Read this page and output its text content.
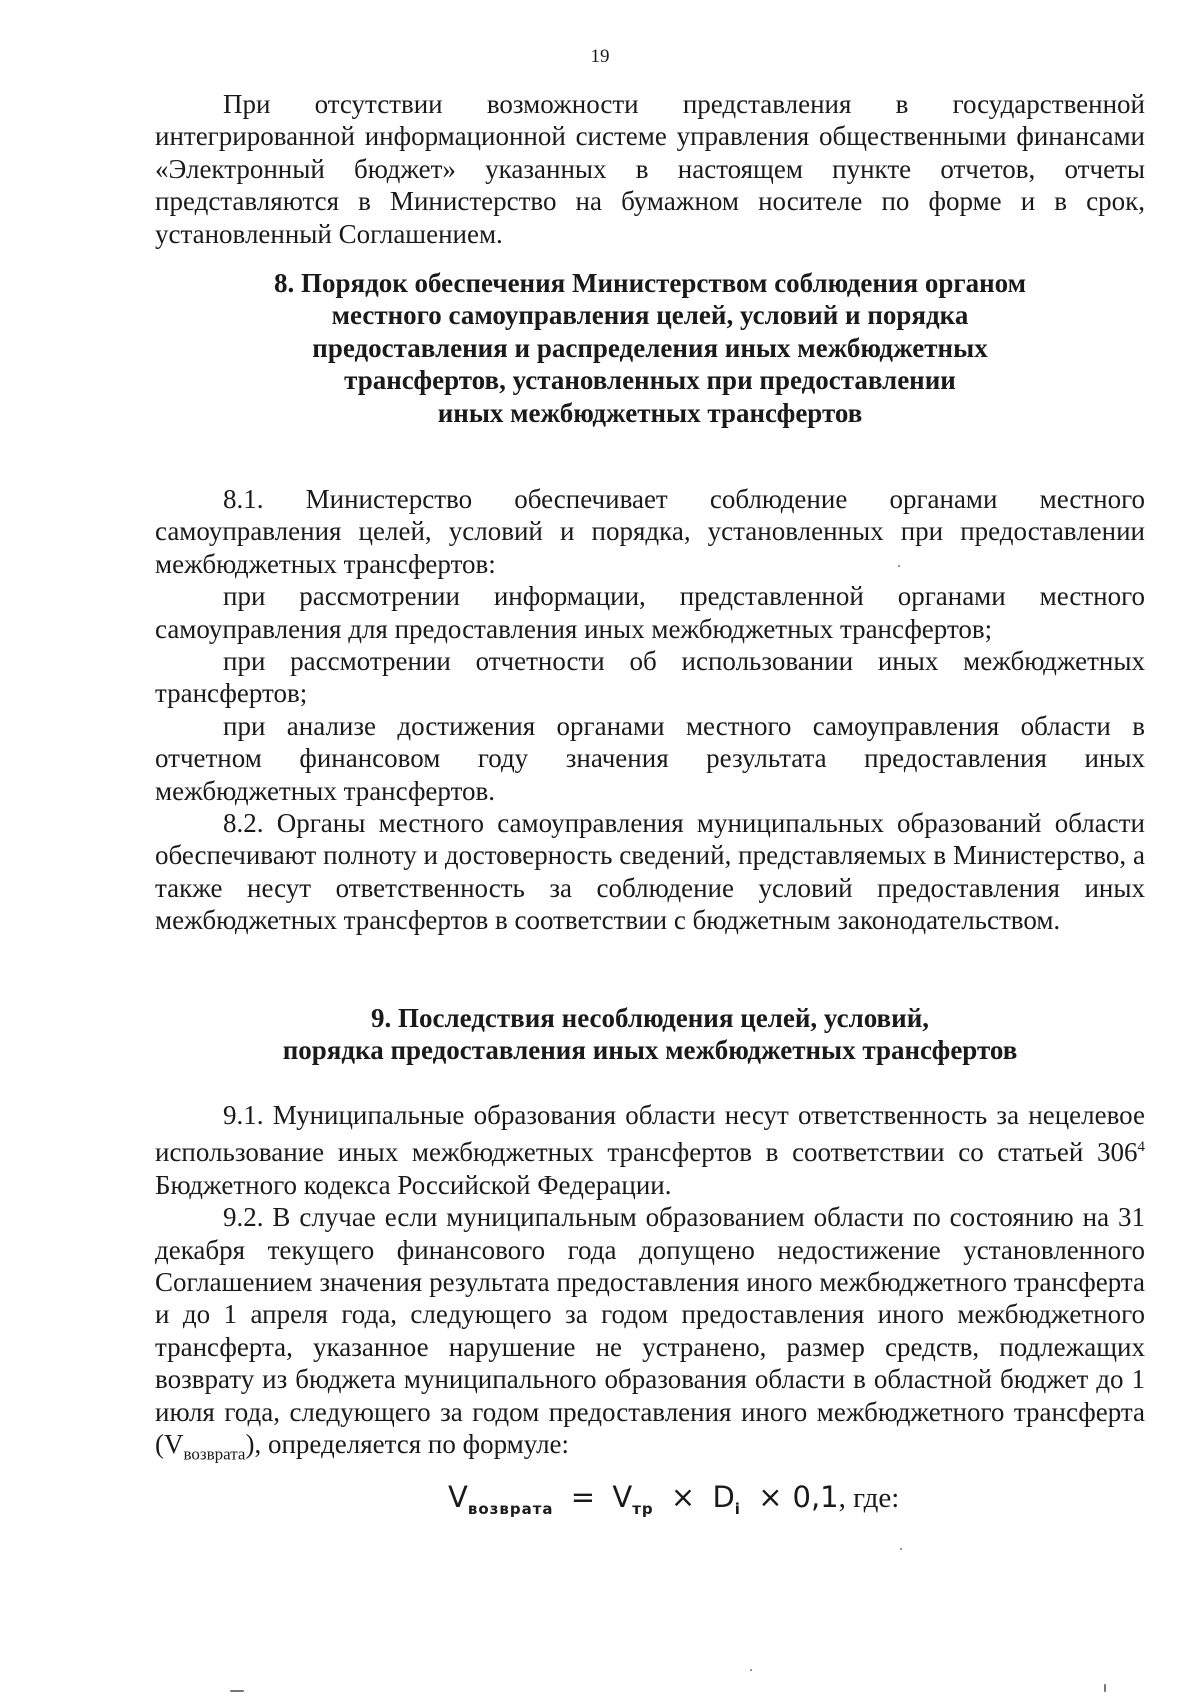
19

При отсутствии возможности представления в государственной интегрированной информационной системе управления общественными финансами «Электронный бюджет» указанных в настоящем пункте отчетов, отчеты представляются в Министерство на бумажном носителе по форме и в срок, установленный Соглашением.

8. Порядок обеспечения Министерством соблюдения органом
местного самоуправления целей, условий и порядка
предоставления и распределения иных межбюджетных
трансфертов, установленных при предоставлении
иных межбюджетных трансфертов

8.1. Министерство обеспечивает соблюдение органами местного самоуправления целей, условий и порядка, установленных при предоставлении межбюджетных трансфертов:

при рассмотрении информации, представленной органами местного самоуправления для предоставления иных межбюджетных трансфертов;

при рассмотрении отчетности об использовании иных межбюджетных трансфертов;

при анализе достижения органами местного самоуправления области в отчетном финансовом году значения результата предоставления иных межбюджетных трансфертов.

8.2. Органы местного самоуправления муниципальных образований области обеспечивают полноту и достоверность сведений, представляемых в Министерство, а также несут ответственность за соблюдение условий предоставления иных межбюджетных трансфертов в соответствии с бюджетным законодательством.

9. Последствия несоблюдения целей, условий,
порядка предоставления иных межбюджетных трансфертов

9.1. Муниципальные образования области несут ответственность за нецелевое использование иных межбюджетных трансфертов в соответствии со статьей $306^4$ Бюджетного кодекса Российской Федерации.

9.2. В случае если муниципальным образованием области по состоянию на 31 декабря текущего финансового года допущено недостижение установленного Соглашением значения результата предоставления иного межбюджетного трансферта и до 1 апреля года, следующего за годом предоставления иного межбюджетного трансферта, указанное нарушение не устранено, размер средств, подлежащих возврату из бюджета муниципального образования области в областной бюджет до 1 июля года, следующего за годом предоставления иного межбюджетного трансферта $(V_{возврата})$, определяется по формуле:

$V_{возврата} = V_{тр} \times D_i \times 0,1$, где:
